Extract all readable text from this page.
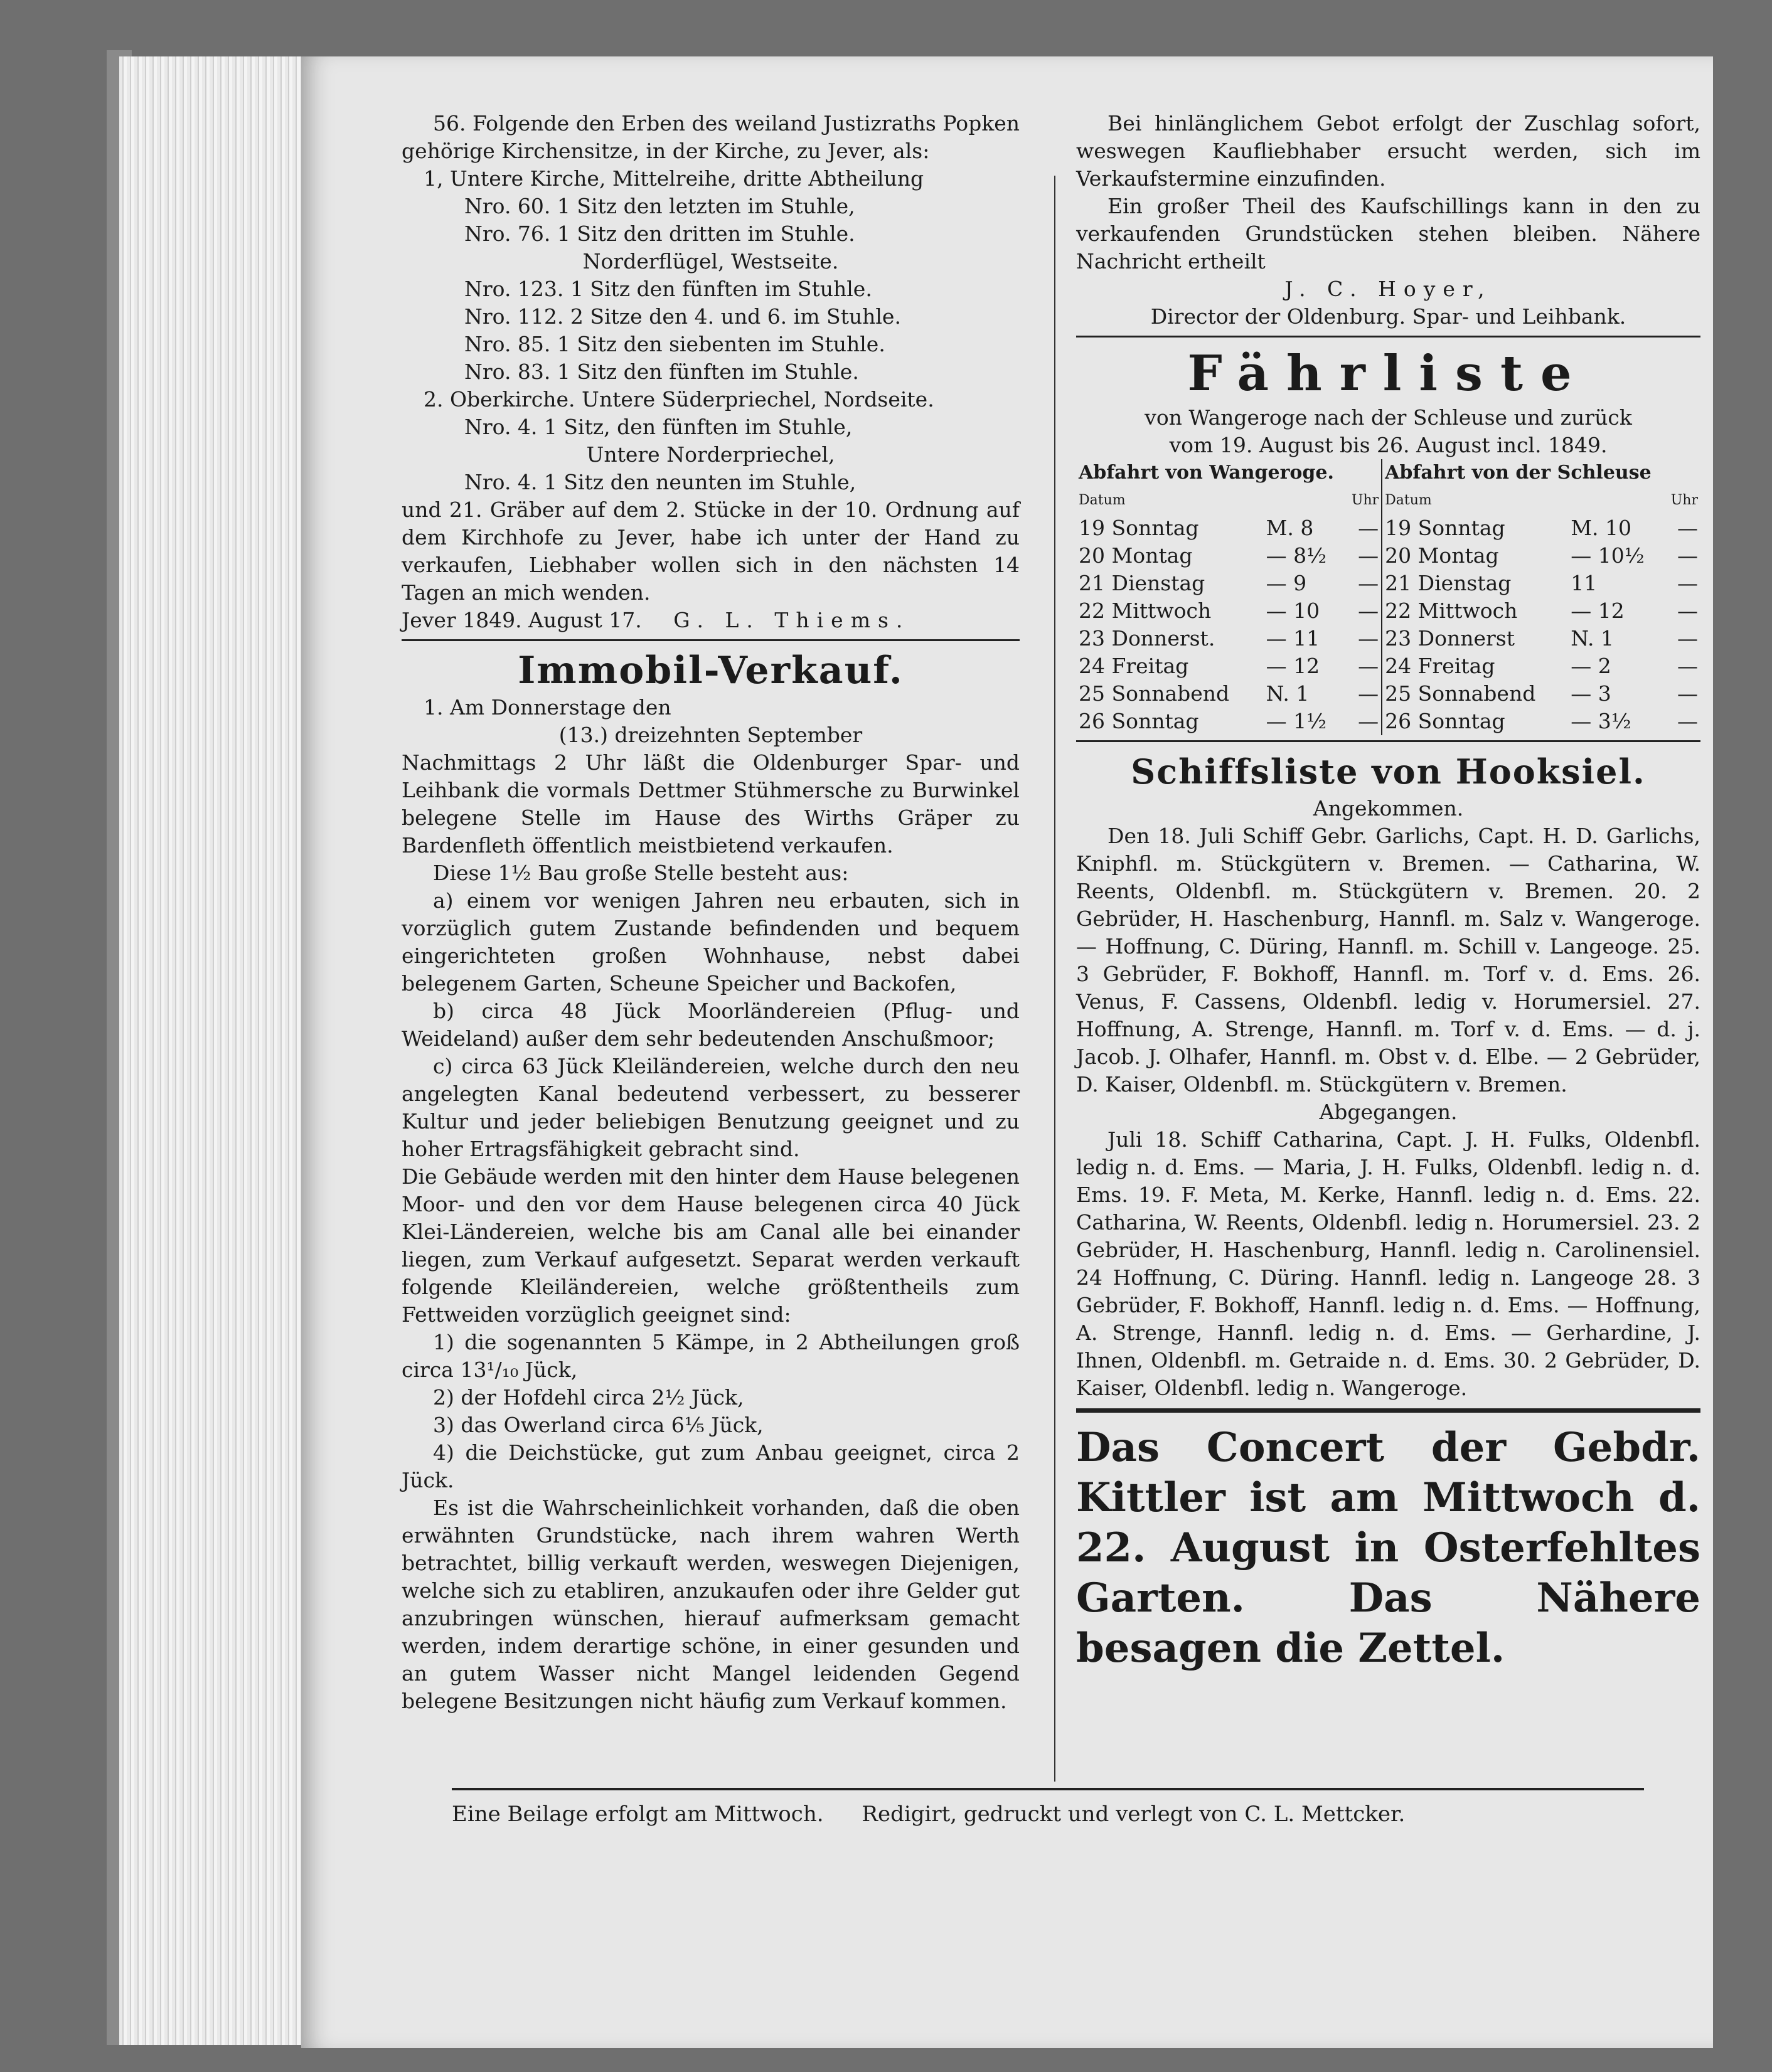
56. Folgende den Erben des weiland Justizraths Popken gehörige Kirchensitze, in der Kirche, zu Jever, als:

1, Untere Kirche, Mittelreihe, dritte Abtheilung

Nro. 60. 1 Sitz den letzten im Stuhle,

Nro. 76. 1 Sitz den dritten im Stuhle.

Norderflügel, Westseite.

Nro. 123. 1 Sitz den fünften im Stuhle.

Nro. 112. 2 Sitze den 4. und 6. im Stuhle.

Nro. 85. 1 Sitz den siebenten im Stuhle.

Nro. 83. 1 Sitz den fünften im Stuhle.

2. Oberkirche. Untere Süderpriechel, Nordseite.

Nro. 4. 1 Sitz, den fünften im Stuhle,

Untere Norderpriechel,

Nro. 4. 1 Sitz den neunten im Stuhle,

und 21. Gräber auf dem 2. Stücke in der 10. Ordnung auf dem Kirchhofe zu Jever, habe ich unter der Hand zu verkaufen, Liebhaber wollen sich in den nächsten 14 Tagen an mich wenden.

Jever 1849. August 17. G. L. Thiems.

Immobil-Verkauf.

1. Am Donnerstage den

(13.) dreizehnten September

Nachmittags 2 Uhr läßt die Oldenburger Spar- und Leihbank die vormals Dettmer Stühmersche zu Burwinkel belegene Stelle im Hause des Wirths Gräper zu Bardenfleth öffentlich meistbietend verkaufen.

Diese 1½ Bau große Stelle besteht aus:

a) einem vor wenigen Jahren neu erbauten, sich in vorzüglich gutem Zustande befindenden und bequem eingerichteten großen Wohnhause, nebst dabei belegenem Garten, Scheune Speicher und Backofen,

b) circa 48 Jück Moorländereien (Pflug- und Weideland) außer dem sehr bedeutenden Anschußmoor;

c) circa 63 Jück Kleiländereien, welche durch den neu angelegten Kanal bedeutend verbessert, zu besserer Kultur und jeder beliebigen Benutzung geeignet und zu hoher Ertragsfähigkeit gebracht sind.

Die Gebäude werden mit den hinter dem Hause belegenen Moor- und den vor dem Hause belegenen circa 40 Jück Klei-Ländereien, welche bis am Canal alle bei einander liegen, zum Verkauf aufgesetzt. Separat werden verkauft folgende Kleiländereien, welche größtentheils zum Fettweiden vorzüglich geeignet sind:

1) die sogenannten 5 Kämpe, in 2 Abtheilungen groß circa 13¹/₁₀ Jück,

2) der Hofdehl circa 2½ Jück,

3) das Owerland circa 6⅕ Jück,

4) die Deichstücke, gut zum Anbau geeignet, circa 2 Jück.

Es ist die Wahrscheinlichkeit vorhanden, daß die oben erwähnten Grundstücke, nach ihrem wahren Werth betrachtet, billig verkauft werden, weswegen Diejenigen, welche sich zu etabliren, anzukaufen oder ihre Gelder gut anzubringen wünschen, hierauf aufmerksam gemacht werden, indem derartige schöne, in einer gesunden und an gutem Wasser nicht Mangel leidenden Gegend belegene Besitzungen nicht häufig zum Verkauf kommen.

Bei hinlänglichem Gebot erfolgt der Zuschlag sofort, weswegen Kaufliebhaber ersucht werden, sich im Verkaufstermine einzufinden.

Ein großer Theil des Kaufschillings kann in den zu verkaufenden Grundstücken stehen bleiben. Nähere Nachricht ertheilt

J. C. Hoyer,

Director der Oldenburg. Spar- und Leihbank.

Fährliste

von Wangeroge nach der Schleuse und zurück

vom 19. August bis 26. August incl. 1849.

Abfahrt von Wangeroge.			Abfahrt von der Schleuse		
Datum		Uhr	Datum		Uhr
19 Sonntag	M. 8	—	19 Sonntag	M. 10	—
20 Montag	— 8½	—	20 Montag	— 10½	—
21 Dienstag	— 9	—	21 Dienstag	11	—
22 Mittwoch	— 10	—	22 Mittwoch	— 12	—
23 Donnerst.	— 11	—	23 Donnerst	N. 1	—
24 Freitag	— 12	—	24 Freitag	— 2	—
25 Sonnabend	N. 1	—	25 Sonnabend	— 3	—
26 Sonntag	— 1½	—	26 Sonntag	— 3½	—
Schiffsliste von Hooksiel.

Angekommen.

Den 18. Juli Schiff Gebr. Garlichs, Capt. H. D. Garlichs, Kniphfl. m. Stückgütern v. Bremen. — Catharina, W. Reents, Oldenbfl. m. Stückgütern v. Bremen. 20. 2 Gebrüder, H. Haschenburg, Hannfl. m. Salz v. Wangeroge. — Hoffnung, C. Düring, Hannfl. m. Schill v. Langeoge. 25. 3 Gebrüder, F. Bokhoff, Hannfl. m. Torf v. d. Ems. 26. Venus, F. Cassens, Oldenbfl. ledig v. Horumersiel. 27. Hoffnung, A. Strenge, Hannfl. m. Torf v. d. Ems. — d. j. Jacob. J. Olhafer, Hannfl. m. Obst v. d. Elbe. — 2 Gebrüder, D. Kaiser, Oldenbfl. m. Stückgütern v. Bremen.

Abgegangen.

Juli 18. Schiff Catharina, Capt. J. H. Fulks, Oldenbfl. ledig n. d. Ems. — Maria, J. H. Fulks, Oldenbfl. ledig n. d. Ems. 19. F. Meta, M. Kerke, Hannfl. ledig n. d. Ems. 22. Catharina, W. Reents, Oldenbfl. ledig n. Horumersiel. 23. 2 Gebrüder, H. Haschenburg, Hannfl. ledig n. Carolinensiel. 24 Hoffnung, C. Düring. Hannfl. ledig n. Langeoge 28. 3 Gebrüder, F. Bokhoff, Hannfl. ledig n. d. Ems. — Hoffnung, A. Strenge, Hannfl. ledig n. d. Ems. — Gerhardine, J. Ihnen, Oldenbfl. m. Getraide n. d. Ems. 30. 2 Gebrüder, D. Kaiser, Oldenbfl. ledig n. Wangeroge.

Das Concert der Gebdr. Kittler ist am Mittwoch d. 22. August in Osterfehltes Garten. Das Nähere besagen die Zettel.
Eine Beilage erfolgt am Mittwoch. Redigirt, gedruckt und verlegt von C. L. Mettcker.
